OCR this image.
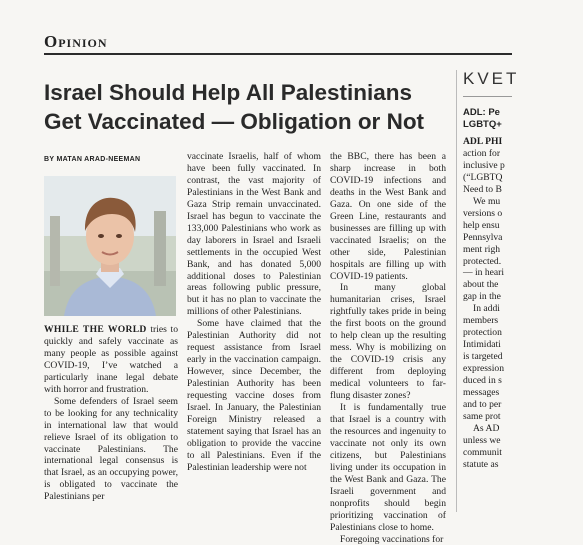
Opinion
Israel Should Help All Palestinians Get Vaccinated — Obligation or Not
BY MATAN ARAD-NEEMAN

WHILE THE WORLD tries to quickly and safely vaccinate as many people as possible against COVID-19, I’ve watched a particularly inane legal debate with horror and frustration.

Some defenders of Israel seem to be looking for any technicality in international law that would relieve Israel of its obligation to vaccinate Palestinians. The international legal consensus is that Israel, as an occupying power, is obligated to vaccinate the Palestinians per

vaccinate Israelis, half of whom have been fully vaccinated. In contrast, the vast majority of Palestinians in the West Bank and Gaza Strip remain unvaccinated. Israel has begun to vaccinate the 133,000 Palestinians who work as day laborers in Israel and Israeli settlements in the occupied West Bank, and has donated 5,000 additional doses to Palestinian areas following public pressure, but it has no plan to vaccinate the millions of other Palestinians.

Some have claimed that the Palestinian Authority did not request assistance from Israel early in the vaccination campaign. However, since December, the Palestinian Authority has been requesting vaccine doses from Israel. In January, the Palestinian Foreign Ministry released a statement saying that Israel has an obligation to provide the vaccine to all Palestinians. Even if the Palestinian leadership were not

the BBC, there has been a sharp increase in both COVID-19 infections and deaths in the West Bank and Gaza. On one side of the Green Line, restaurants and businesses are filling up with vaccinated Israelis; on the other side, Palestinian hospitals are filling up with COVID-19 patients.

In many global humanitarian crises, Israel rightfully takes pride in being the first boots on the ground to help clean up the resulting mess. Why is mobilizing on the COVID-19 crisis any different from deploying medical volunteers to far-flung disaster zones?

It is fundamentally true that Israel is a country with the resources and ingenuity to vaccinate not only its own citizens, but Palestinians living under its occupation in the West Bank and Gaza. The Israeli government and nonprofits should begin prioritizing vaccination of Palestinians close to home.

Foregoing vaccinations for

KVET
ADL: Pe
LGBTQ+

ADL PHI

action for

inclusive p

(“LGBTQ

Need to B

We mu

versions o

help ensu

Pennsylva

ment righ

protected.

— in heari

about the

gap in the

In addi

members

protection

Intimidati

is targeted

expression

duced in s

messages

and to per

same prot

As AD

unless we

communit

statute as
